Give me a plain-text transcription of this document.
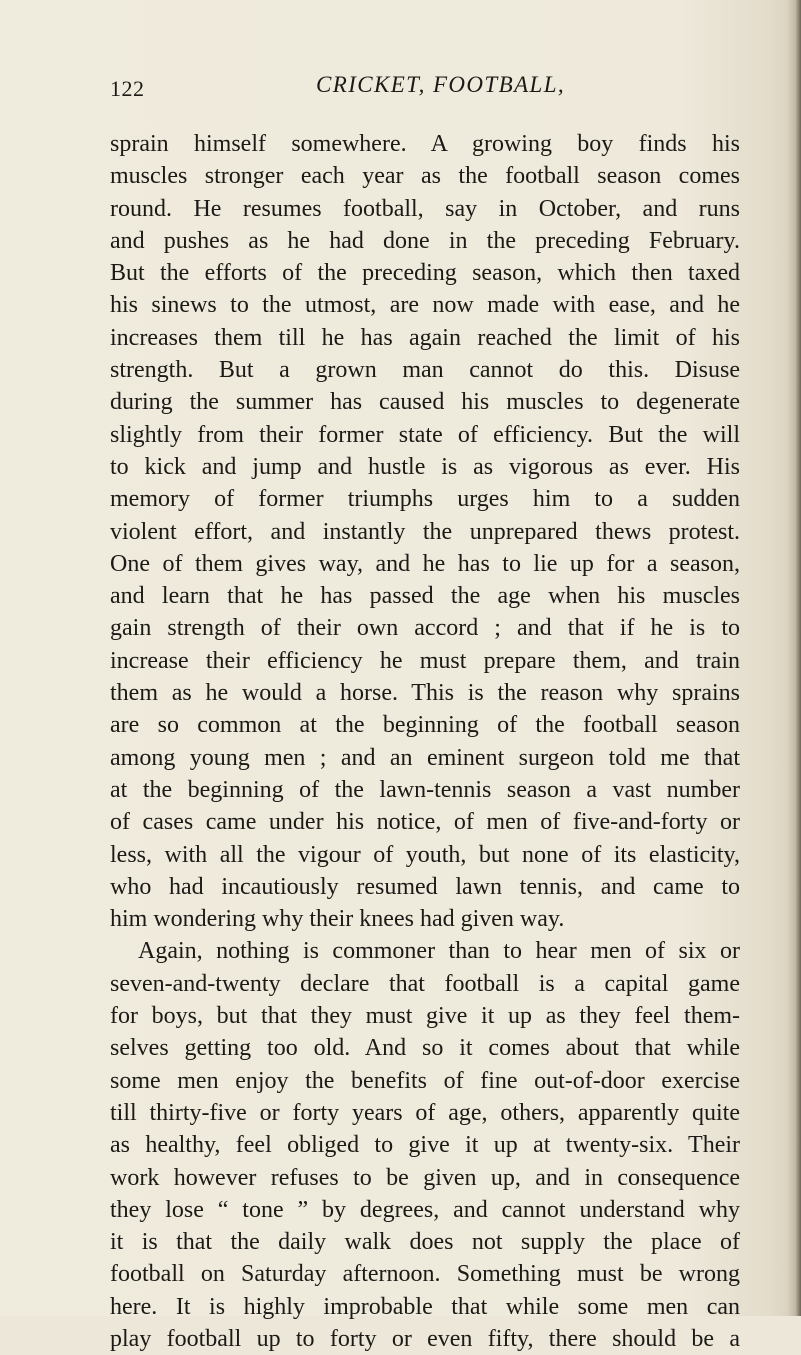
122	CRICKET, FOOTBALL,
sprain himself somewhere. A growing boy finds his
muscles stronger each year as the football season comes
round. He resumes football, say in October, and runs
and pushes as he had done in the preceding February.
But the efforts of the preceding season, which then taxed
his sinews to the utmost, are now made with ease, and he
increases them till he has again reached the limit of his
strength. But a grown man cannot do this. Disuse
during the summer has caused his muscles to degenerate
slightly from their former state of efficiency. But the will
to kick and jump and hustle is as vigorous as ever. His
memory of former triumphs urges him to a sudden
violent effort, and instantly the unprepared thews protest.
One of them gives way, and he has to lie up for a season,
and learn that he has passed the age when his muscles
gain strength of their own accord ; and that if he is to
increase their efficiency he must prepare them, and train
them as he would a horse. This is the reason why sprains
are so common at the beginning of the football season
among young men ; and an eminent surgeon told me that
at the beginning of the lawn-tennis season a vast number
of cases came under his notice, of men of five-and-forty or
less, with all the vigour of youth, but none of its elasticity,
who had incautiously resumed lawn tennis, and came to
him wondering why their knees had given way.
Again, nothing is commoner than to hear men of six or
seven-and-twenty declare that football is a capital game
for boys, but that they must give it up as they feel them-
selves getting too old. And so it comes about that while
some men enjoy the benefits of fine out-of-door exercise
till thirty-five or forty years of age, others, apparently quite
as healthy, feel obliged to give it up at twenty-six. Their
work however refuses to be given up, and in consequence
they lose “ tone ” by degrees, and cannot understand why
it is that the daily walk does not supply the place of
football on Saturday afternoon. Something must be wrong
here. It is highly improbable that while some men can
play football up to forty or even fifty, there should be a
